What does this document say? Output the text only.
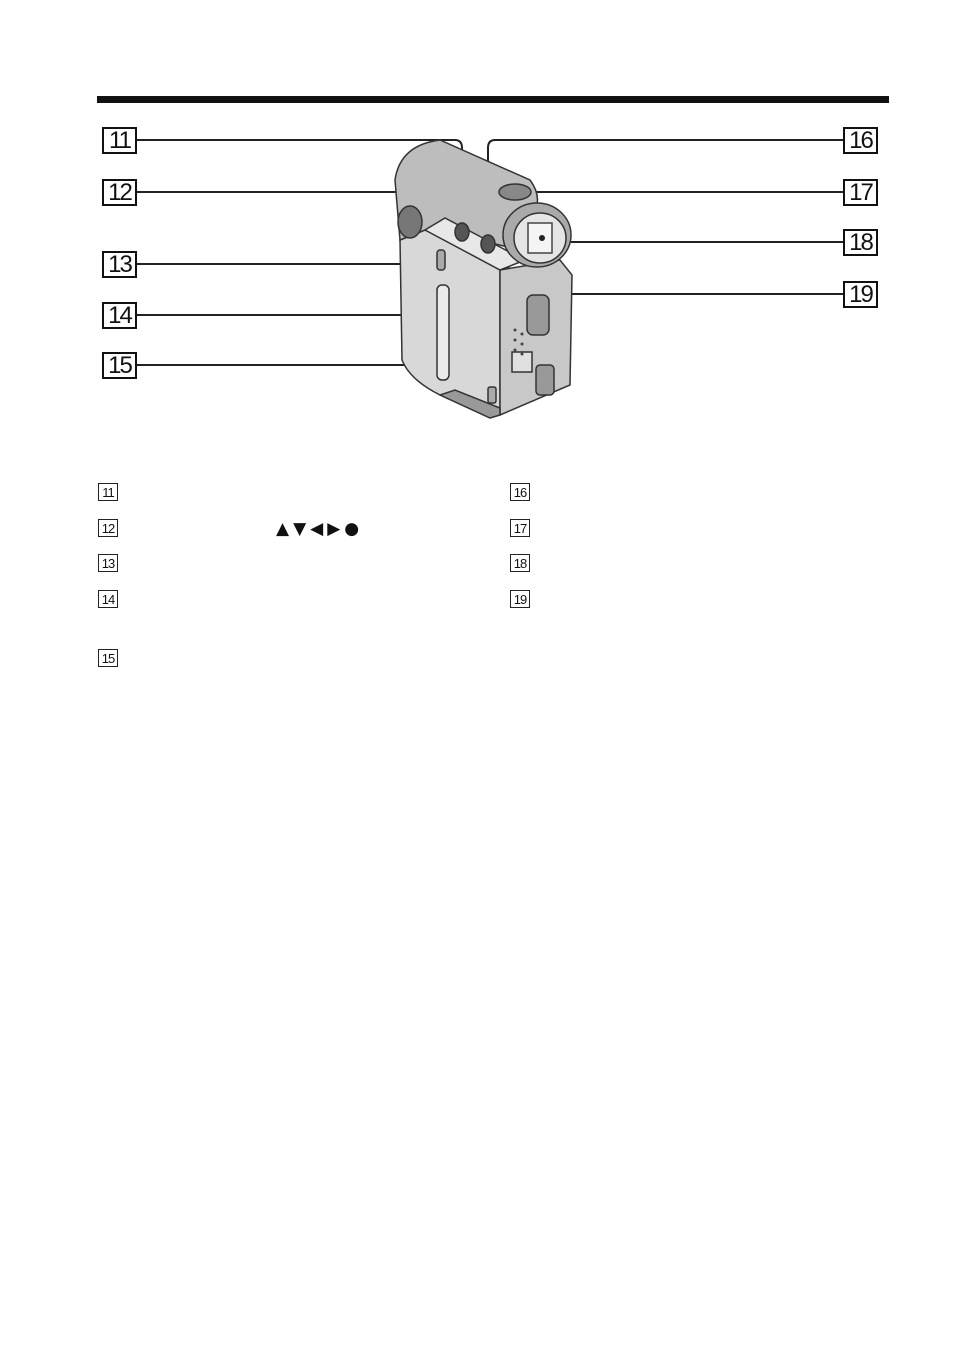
11
12
13
14
15
16
17
18
19
11
12
13
14
15
16
17
18
19
▲▼◀▶●
